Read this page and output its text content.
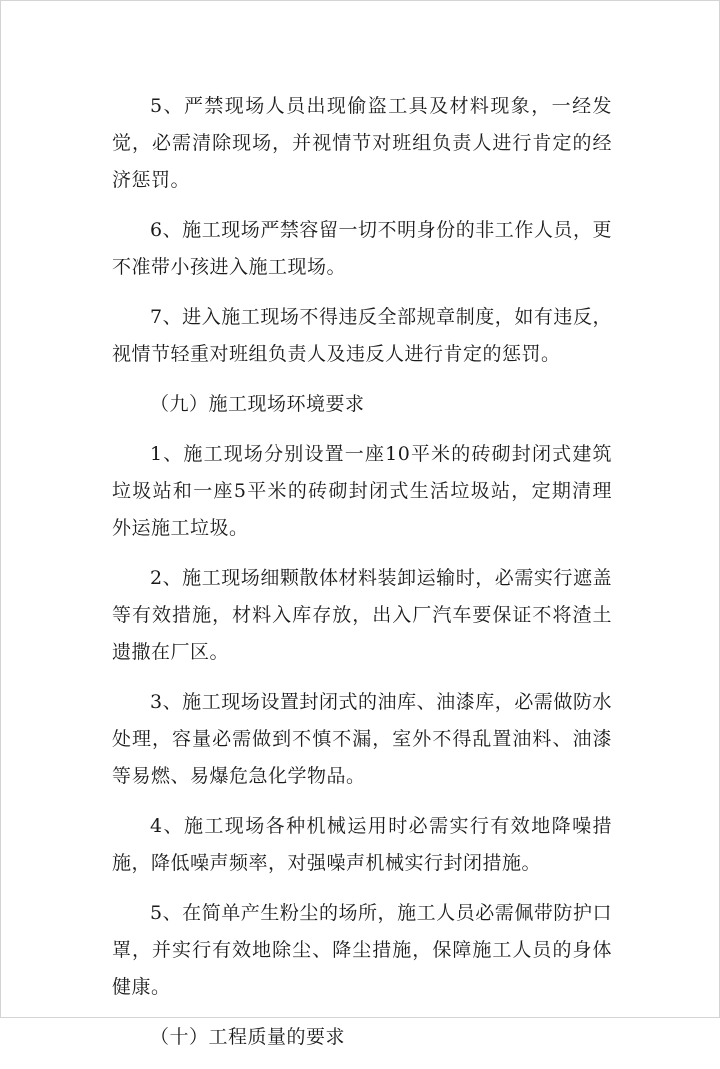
5、严禁现场人员出现偷盗工具及材料现象，一经发觉，必需清除现场，并视情节对班组负责人进行肯定的经济惩罚。

6、施工现场严禁容留一切不明身份的非工作人员，更不准带小孩进入施工现场。

7、进入施工现场不得违反全部规章制度，如有违反，视情节轻重对班组负责人及违反人进行肯定的惩罚。

（九）施工现场环境要求

1、施工现场分别设置一座10平米的砖砌封闭式建筑垃圾站和一座5平米的砖砌封闭式生活垃圾站，定期清理外运施工垃圾。

2、施工现场细颗散体材料装卸运输时，必需实行遮盖等有效措施，材料入库存放，出入厂汽车要保证不将渣土遗撒在厂区。

3、施工现场设置封闭式的油库、油漆库，必需做防水处理，容量必需做到不慎不漏，室外不得乱置油料、油漆等易燃、易爆危急化学物品。

4、施工现场各种机械运用时必需实行有效地降噪措施，降低噪声频率，对强噪声机械实行封闭措施。

5、在简单产生粉尘的场所，施工人员必需佩带防护口罩，并实行有效地除尘、降尘措施，保障施工人员的身体健康。

（十）工程质量的要求
